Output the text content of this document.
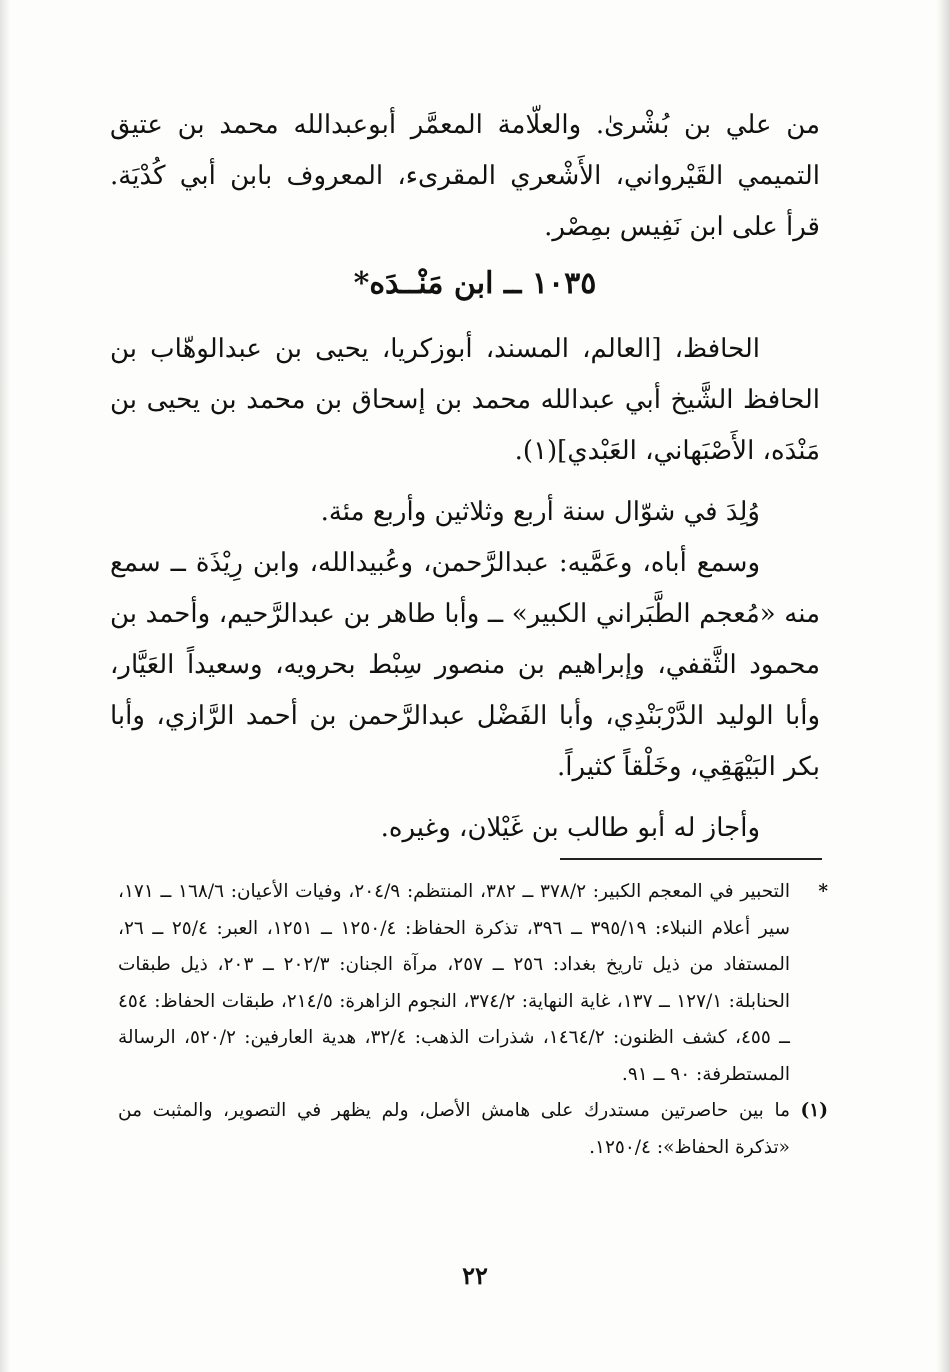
من علي بن بُشْرىٰ. والعلّامة المعمَّر أبوعبدالله محمد بن عتيق التميمي القَيْرواني، الأَشْعري المقرىء، المعروف بابن أبي كُدْيَة. قرأ على ابن نَفِيس بمِصْر.

١٠٣٥ ــ ابن مَنْــدَه*

الحافظ، [العالم، المسند، أبوزكريا، يحيى بن عبدالوهّاب بن الحافظ الشَّيخ أبي عبدالله محمد بن إسحاق بن محمد بن يحيى بن مَنْدَه، الأَصْبَهاني، العَبْدي](١).

وُلِدَ في شوّال سنة أربع وثلاثين وأربع مئة.

وسمع أباه، وعَمَّيه: عبدالرَّحمن، وعُبيدالله، وابن رِيْذَة ــ سمع منه «مُعجم الطَّبَراني الكبير» ــ وأبا طاهر بن عبدالرَّحيم، وأحمد بن محمود الثَّقفي، وإبراهيم بن منصور سِبْط بحرويه، وسعيداً العَيَّار، وأبا الوليد الدَّرْبَنْدِي، وأبا الفَضْل عبدالرَّحمن بن أحمد الرَّازي، وأبا بكر البَيْهَقِي، وخَلْقاً كثيراً.

وأجاز له أبو طالب بن غَيْلان، وغيره.

*
التحبير في المعجم الكبير: ٣٧٨/٢ ــ ٣٨٢، المنتظم: ٢٠٤/٩، وفيات الأعيان: ١٦٨/٦ ــ ١٧١، سير أعلام النبلاء: ٣٩٥/١٩ ــ ٣٩٦، تذكرة الحفاظ: ١٢٥٠/٤ ــ ١٢٥١، العبر: ٢٥/٤ ــ ٢٦، المستفاد من ذيل تاريخ بغداد: ٢٥٦ ــ ٢٥٧، مرآة الجنان: ٢٠٢/٣ ــ ٢٠٣، ذيل طبقات الحنابلة: ١٢٧/١ ــ ١٣٧، غاية النهاية: ٣٧٤/٢، النجوم الزاهرة: ٢١٤/٥، طبقات الحفاظ: ٤٥٤ ــ ٤٥٥، كشف الظنون: ١٤٦٤/٢، شذرات الذهب: ٣٢/٤، هدية العارفين: ٥٢٠/٢، الرسالة المستطرفة: ٩٠ ــ ٩١.
(١)
ما بين حاصرتين مستدرك على هامش الأصل، ولم يظهر في التصوير، والمثبت من «تذكرة الحفاظ»: ١٢٥٠/٤.
٢٢
